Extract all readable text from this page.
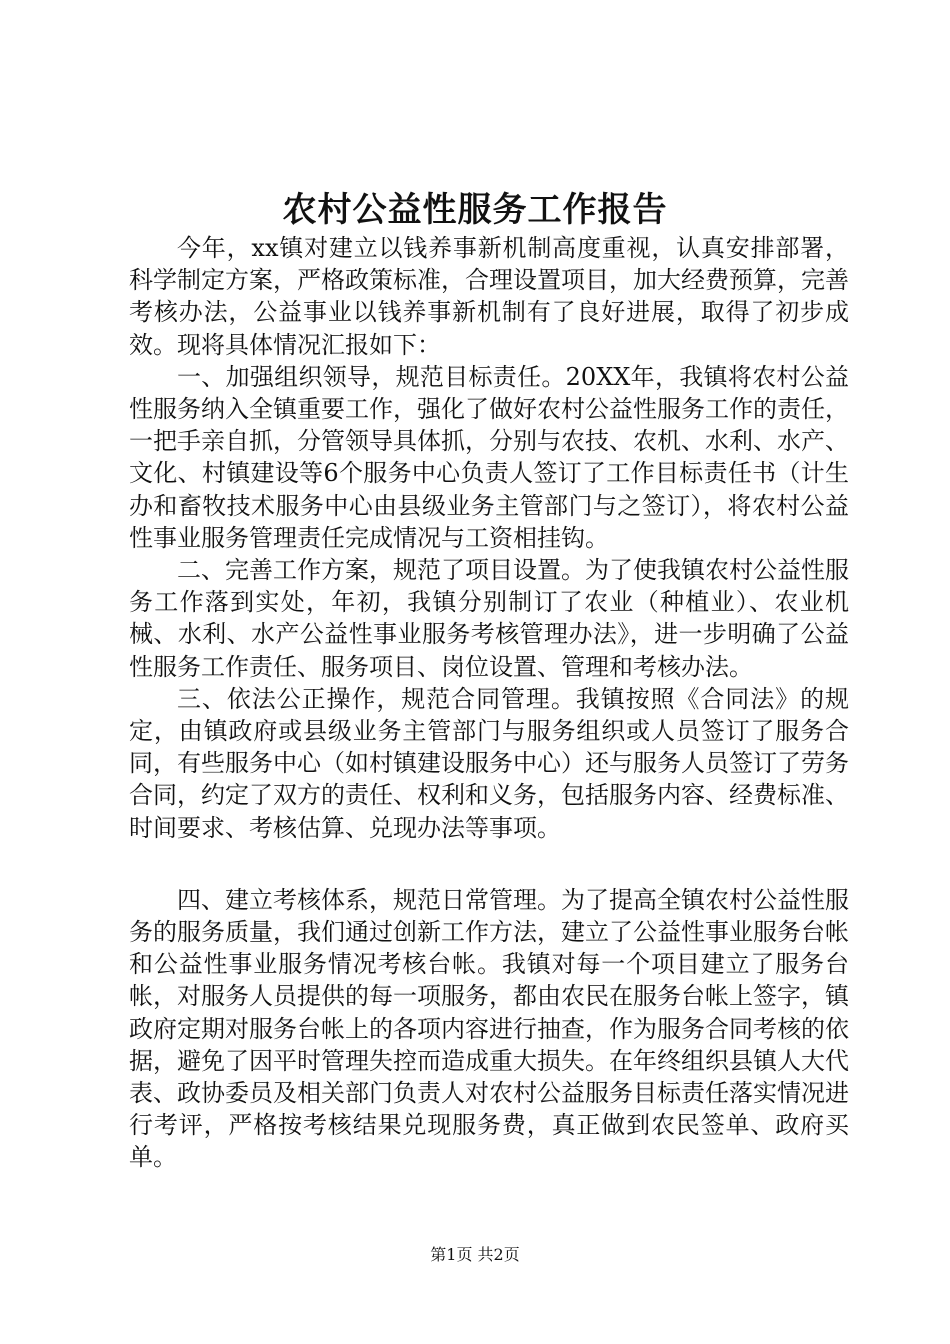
农村公益性服务工作报告

今年，xx镇对建立以钱养事新机制高度重视，认真安排部署，科学制定方案，严格政策标准，合理设置项目，加大经费预算，完善考核办法，公益事业以钱养事新机制有了良好进展，取得了初步成效。现将具体情况汇报如下：

一、加强组织领导，规范目标责任。20XX年，我镇将农村公益性服务纳入全镇重要工作，强化了做好农村公益性服务工作的责任，一把手亲自抓，分管领导具体抓，分别与农技、农机、水利、水产、文化、村镇建设等6个服务中心负责人签订了工作目标责任书（计生办和畜牧技术服务中心由县级业务主管部门与之签订），将农村公益性事业服务管理责任完成情况与工资相挂钩。

二、完善工作方案，规范了项目设置。为了使我镇农村公益性服务工作落到实处，年初，我镇分别制订了农业（种植业）、农业机械、水利、水产公益性事业服务考核管理办法》，进一步明确了公益性服务工作责任、服务项目、岗位设置、管理和考核办法。

三、依法公正操作，规范合同管理。我镇按照《合同法》的规定，由镇政府或县级业务主管部门与服务组织或人员签订了服务合同，有些服务中心（如村镇建设服务中心）还与服务人员签订了劳务合同，约定了双方的责任、权利和义务，包括服务内容、经费标准、时间要求、考核估算、兑现办法等事项。

四、建立考核体系，规范日常管理。为了提高全镇农村公益性服务的服务质量，我们通过创新工作方法，建立了公益性事业服务台帐和公益性事业服务情况考核台帐。我镇对每一个项目建立了服务台帐，对服务人员提供的每一项服务，都由农民在服务台帐上签字，镇政府定期对服务台帐上的各项内容进行抽查，作为服务合同考核的依据，避免了因平时管理失控而造成重大损失。在年终组织县镇人大代表、政协委员及相关部门负责人对农村公益服务目标责任落实情况进行考评，严格按考核结果兑现服务费，真正做到农民签单、政府买单。

第1页 共2页
